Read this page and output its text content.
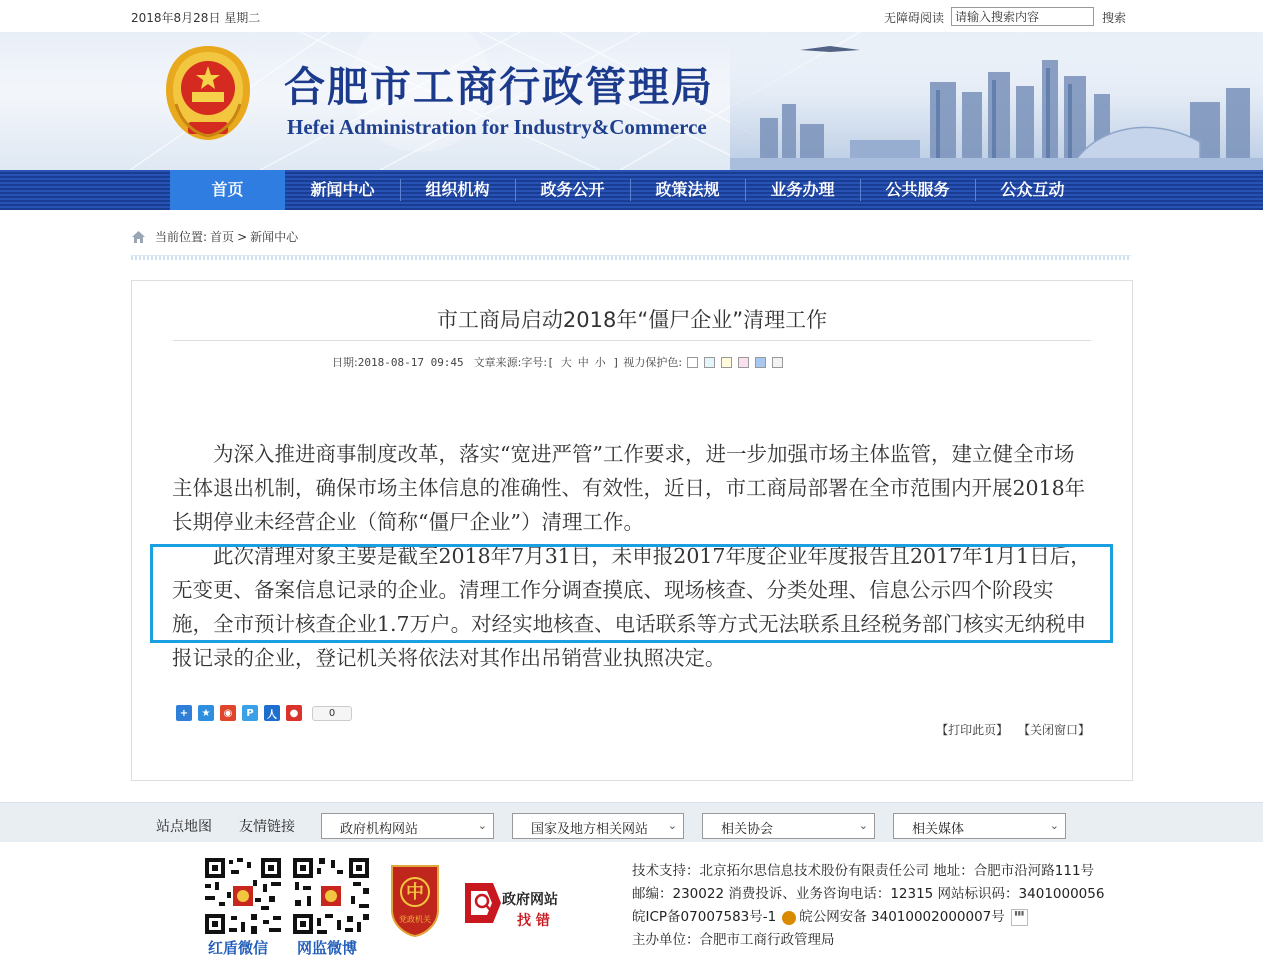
2018年8月28日 星期二	无障碍阅读
请输入搜索内容	搜索
合肥市工商行政管理局
Hefei Administration for Industry&Commerce
首页	新闻中心	组织机构	政务公开	政策法规	业务办理	公共服务	公众互动
当前位置: 首页 > 新闻中心
市工商局启动2018年“僵尸企业”清理工作
日期: 2018-08-17 09:45 文章来源: 字号: [ 大 中 小 ] 视力保护色:

为深入推进商事制度改革，落实“宽进严管”工作要求，进一步加强市场主体监管，建立健全市场主体退出机制，确保市场主体信息的准确性、有效性，近日，市工商局部署在全市范围内开展2018年长期停业未经营企业（简称“僵尸企业”）清理工作。

此次清理对象主要是截至2018年7月31日，未申报2017年度企业年度报告且2017年1月1日后，无变更、备案信息记录的企业。清理工作分调查摸底、现场核查、分类处理、信息公示四个阶段实施，全市预计核查企业1.7万户。对经实地核查、电话联系等方式无法联系且经税务部门核实无纳税申报记录的企业，登记机关将依法对其作出吊销营业执照决定。

+	★	◉	P	人	●	0
【打印此页】 【关闭窗口】
站点地图 友情链接	政府机构网站	⌄	国家及地方相关网站 ⌄	相关协会	⌄	相关媒体	⌄
红盾微信 网监微博
中
党政机关
政府网站
找 错
技术支持：北京拓尔思信息技术股份有限责任公司 地址：合肥市沿河路111号
邮编：230022 消费投诉、业务咨询电话：12315 网站标识码：3401000056
皖ICP备07007583号-1 皖公网安备 34010002000007号	▮▮▮
主办单位：合肥市工商行政管理局
